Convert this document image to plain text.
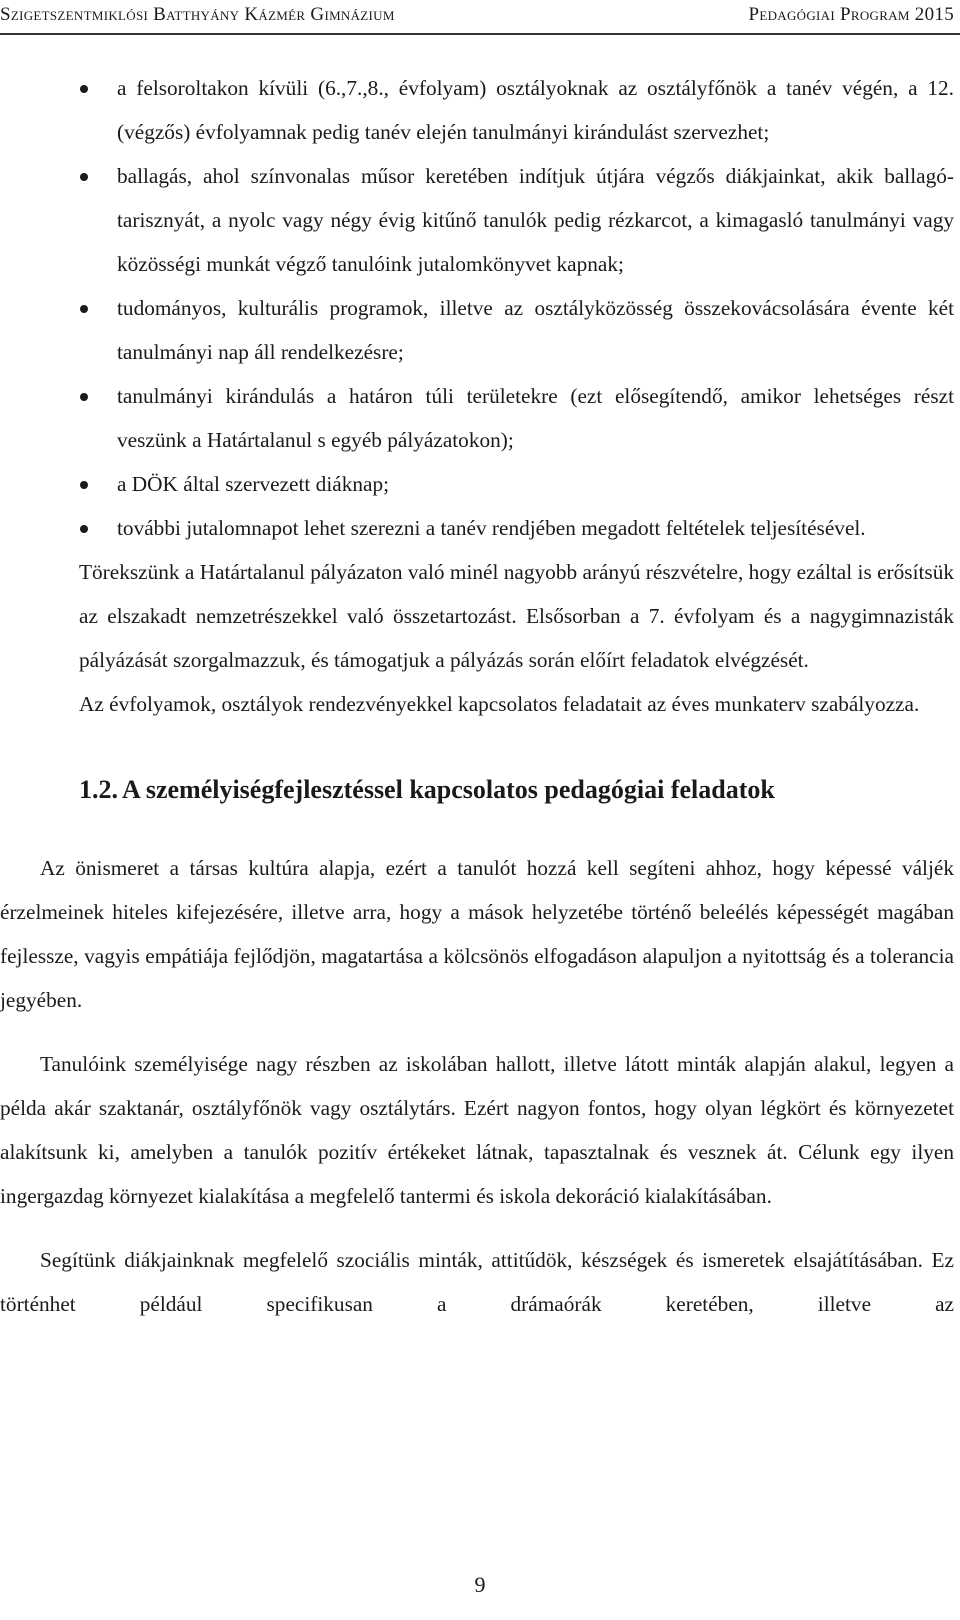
Szigetszentmiklósi Batthyány Kázmér Gimnázium	Pedagógiai Program 2015
a felsoroltakon kívüli (6.,7.,8., évfolyam) osztályoknak az osztályfőnök a tanév végén, a 12. (végzős) évfolyamnak pedig tanév elején tanulmányi kirándulást szervezhet;
ballagás, ahol színvonalas műsor keretében indítjuk útjára végzős diákjainkat, akik ballagó-tarisznyát, a nyolc vagy négy évig kitűnő tanulók pedig rézkarcot, a kimagasló tanulmányi vagy közösségi munkát végző tanulóink jutalomkönyvet kapnak;
tudományos, kulturális programok, illetve az osztályközösség összekovácsolására évente két tanulmányi nap áll rendelkezésre;
tanulmányi kirándulás a határon túli területekre (ezt elősegítendő, amikor lehetséges részt veszünk a Határtalanul s egyéb pályázatokon);
a DÖK által szervezett diáknap;
további jutalomnapot lehet szerezni a tanév rendjében megadott feltételek teljesítésével.

Törekszünk a Határtalanul pályázaton való minél nagyobb arányú részvételre, hogy ezáltal is erősítsük az elszakadt nemzetrészekkel való összetartozást. Elsősorban a 7. évfolyam és a nagygimnazisták pályázását szorgalmazzuk, és támogatjuk a pályázás során előírt feladatok elvégzését.

Az évfolyamok, osztályok rendezvényekkel kapcsolatos feladatait az éves munkaterv szabályozza.

1.2. A személyiségfejlesztéssel kapcsolatos pedagógiai feladatok

Az önismeret a társas kultúra alapja, ezért a tanulót hozzá kell segíteni ahhoz, hogy képessé váljék érzelmeinek hiteles kifejezésére, illetve arra, hogy a mások helyzetébe történő beleélés képességét magában fejlessze, vagyis empátiája fejlődjön, magatartása a kölcsönös elfogadáson alapuljon a nyitottság és a tolerancia jegyében.

Tanulóink személyisége nagy részben az iskolában hallott, illetve látott minták alapján alakul, legyen a példa akár szaktanár, osztályfőnök vagy osztálytárs. Ezért nagyon fontos, hogy olyan légkört és környezetet alakítsunk ki, amelyben a tanulók pozitív értékeket látnak, tapasztalnak és vesznek át. Célunk egy ilyen ingergazdag környezet kialakítása a megfelelő tantermi és iskola dekoráció kialakításában.

Segítünk diákjainknak megfelelő szociális minták, attitűdök, készségek és ismeretek elsajátításában. Ez történhet például specifikusan a drámaórák keretében, illetve az

9
